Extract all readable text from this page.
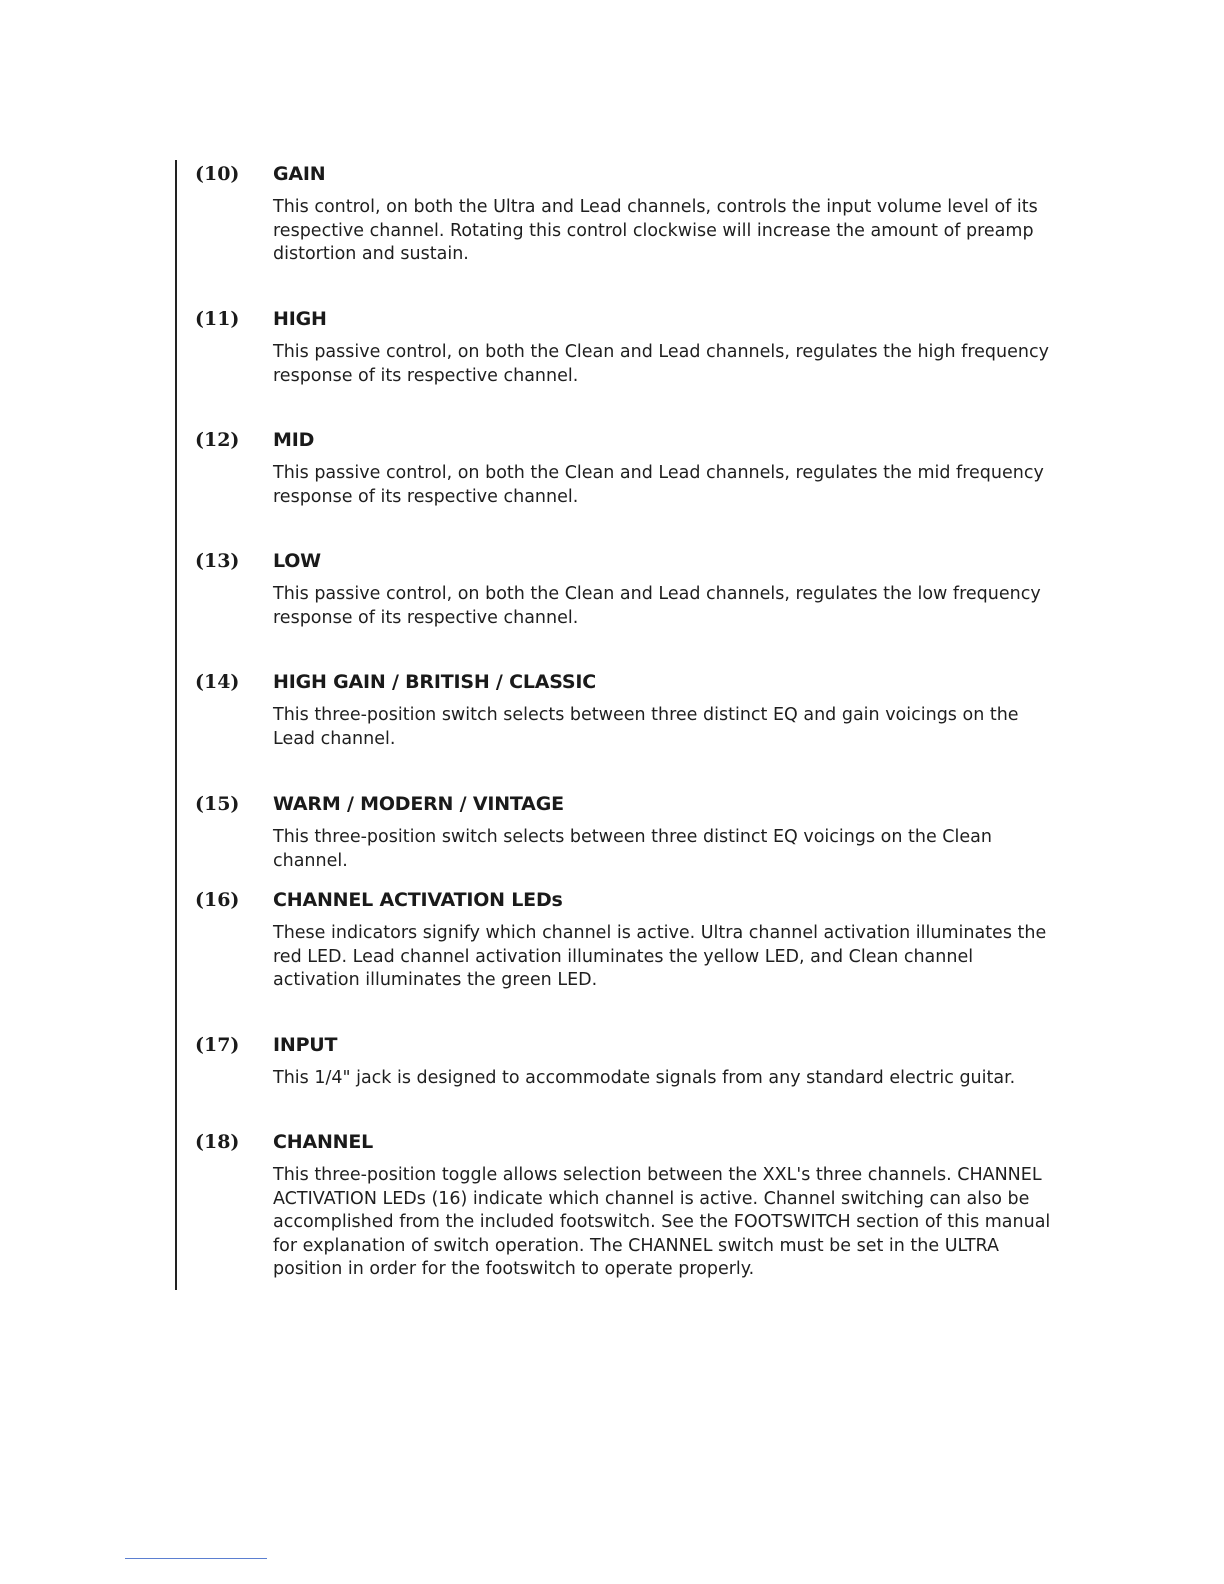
(10) GAIN
This control, on both the Ultra and Lead channels, controls the input volume level of its respective channel. Rotating this control clockwise will increase the amount of preamp distortion and sustain.
(11) HIGH
This passive control, on both the Clean and Lead channels, regulates the high frequency response of its respective channel.
(12) MID
This passive control, on both the Clean and Lead channels, regulates the mid frequency response of its respective channel.
(13) LOW
This passive control, on both the Clean and Lead channels, regulates the low frequency response of its respective channel.
(14) HIGH GAIN / BRITISH / CLASSIC
This three-position switch selects between three distinct EQ and gain voicings on the Lead channel.
(15) WARM / MODERN / VINTAGE
This three-position switch selects between three distinct EQ voicings on the Clean channel.
(16) CHANNEL ACTIVATION LEDs
These indicators signify which channel is active. Ultra channel activation illuminates the red LED. Lead channel activation illuminates the yellow LED, and Clean channel activation illuminates the green LED.
(17) INPUT
This 1/4" jack is designed to accommodate signals from any standard electric guitar.
(18) CHANNEL
This three-position toggle allows selection between the XXL's three channels. CHANNEL ACTIVATION LEDs (16) indicate which channel is active. Channel switching can also be accomplished from the included footswitch. See the FOOTSWITCH section of this manual for explanation of switch operation. The CHANNEL switch must be set in the ULTRA position in order for the footswitch to operate properly.
